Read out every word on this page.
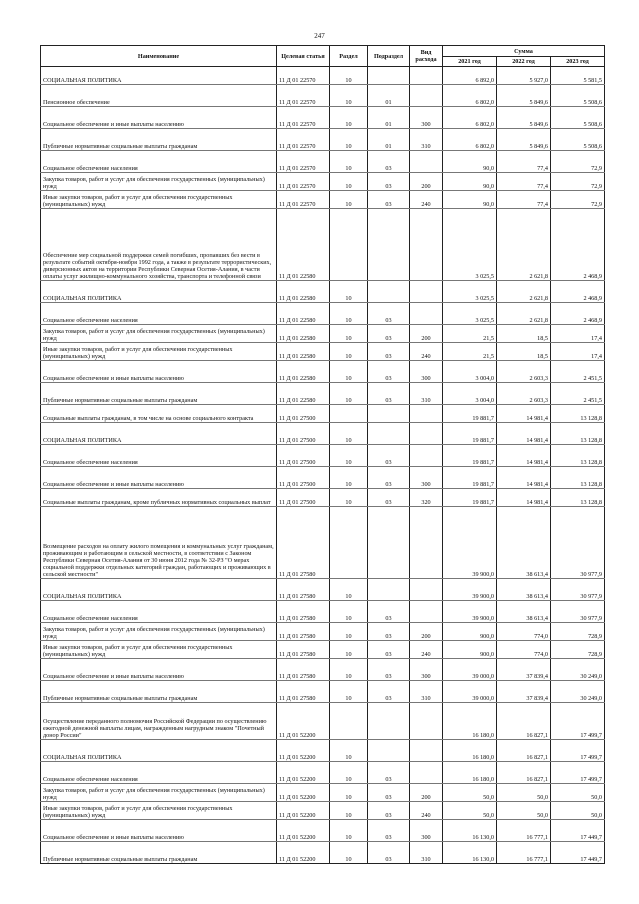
247
Наименование	Целевая статья	Раздел	Подраздел	Вид расхода	Сумма		
					2021 год	2022 год	2023 год
СОЦИАЛЬНАЯ ПОЛИТИКА	11 Д 01 22570	10			6 892,0	5 927,0	5 581,5
Пенсионное обеспечение	11 Д 01 22570	10	01		6 802,0	5 849,6	5 508,6
Социальное обеспечение и иные выплаты населению	11 Д 01 22570	10	01	300	6 802,0	5 849,6	5 508,6
Публичные нормативные социальные выплаты гражданам	11 Д 01 22570	10	01	310	6 802,0	5 849,6	5 508,6
Социальное обеспечение населения	11 Д 01 22570	10	03		90,0	77,4	72,9
Закупка товаров, работ и услуг для обеспечения государственных (муниципальных) нужд	11 Д 01 22570	10	03	200	90,0	77,4	72,9
Иные закупки товаров, работ и услуг для обеспечения государственных (муниципальных) нужд	11 Д 01 22570	10	03	240	90,0	77,4	72,9
Обеспечение мер социальной поддержки семей погибших, пропавших без вести в результате событий октября-ноября 1992 года, а также в результате террористических, диверсионных актов на территории Республики Северная Осетия-Алания, в части оплаты услуг жилищно-коммунального хозяйства, транспорта и телефонной связи	11 Д 01 22580				3 025,5	2 621,8	2 468,9
СОЦИАЛЬНАЯ ПОЛИТИКА	11 Д 01 22580	10			3 025,5	2 621,8	2 468,9
Социальное обеспечение населения	11 Д 01 22580	10	03		3 025,5	2 621,8	2 468,9
Закупка товаров, работ и услуг для обеспечения государственных (муниципальных) нужд	11 Д 01 22580	10	03	200	21,5	18,5	17,4
Иные закупки товаров, работ и услуг для обеспечения государственных (муниципальных) нужд	11 Д 01 22580	10	03	240	21,5	18,5	17,4
Социальное обеспечение и иные выплаты населению	11 Д 01 22580	10	03	300	3 004,0	2 603,3	2 451,5
Публичные нормативные социальные выплаты гражданам	11 Д 01 22580	10	03	310	3 004,0	2 603,3	2 451,5
Социальные выплаты гражданам, в том числе на основе социального контракта	11 Д 01 27500				19 881,7	14 981,4	13 128,8
СОЦИАЛЬНАЯ ПОЛИТИКА	11 Д 01 27500	10			19 881,7	14 981,4	13 128,8
Социальное обеспечение населения	11 Д 01 27500	10	03		19 881,7	14 981,4	13 128,8
Социальное обеспечение и иные выплаты населению	11 Д 01 27500	10	03	300	19 881,7	14 981,4	13 128,8
Социальные выплаты гражданам, кроме публичных нормативных социальных выплат	11 Д 01 27500	10	03	320	19 881,7	14 981,4	13 128,8
Возмещение расходов на оплату жилого помещения и коммунальных услуг гражданам, проживающим и работающим в сельской местности, в соответствии с Законом Республики Северная Осетия-Алания от 30 июня 2012 года № 32-РЗ "О мерах социальной поддержки отдельных категорий граждан, работающих и проживающих в сельской местности"	11 Д 01 27580				39 900,0	38 613,4	30 977,9
СОЦИАЛЬНАЯ ПОЛИТИКА	11 Д 01 27580	10			39 900,0	38 613,4	30 977,9
Социальное обеспечение населения	11 Д 01 27580	10	03		39 900,0	38 613,4	30 977,9
Закупка товаров, работ и услуг для обеспечения государственных (муниципальных) нужд	11 Д 01 27580	10	03	200	900,0	774,0	728,9
Иные закупки товаров, работ и услуг для обеспечения государственных (муниципальных) нужд	11 Д 01 27580	10	03	240	900,0	774,0	728,9
Социальное обеспечение и иные выплаты населению	11 Д 01 27580	10	03	300	39 000,0	37 839,4	30 249,0
Публичные нормативные социальные выплаты гражданам	11 Д 01 27580	10	03	310	39 000,0	37 839,4	30 249,0
Осуществление переданного полномочия Российской Федерации по осуществлению ежегодной денежной выплаты лицам, награжденным нагрудным знаком "Почетный донор России"	11 Д 01 52200				16 180,0	16 827,1	17 499,7
СОЦИАЛЬНАЯ ПОЛИТИКА	11 Д 01 52200	10			16 180,0	16 827,1	17 499,7
Социальное обеспечение населения	11 Д 01 52200	10	03		16 180,0	16 827,1	17 499,7
Закупка товаров, работ и услуг для обеспечения государственных (муниципальных) нужд	11 Д 01 52200	10	03	200	50,0	50,0	50,0
Иные закупки товаров, работ и услуг для обеспечения государственных (муниципальных) нужд	11 Д 01 52200	10	03	240	50,0	50,0	50,0
Социальное обеспечение и иные выплаты населению	11 Д 01 52200	10	03	300	16 130,0	16 777,1	17 449,7
Публичные нормативные социальные выплаты гражданам	11 Д 01 52200	10	03	310	16 130,0	16 777,1	17 449,7
